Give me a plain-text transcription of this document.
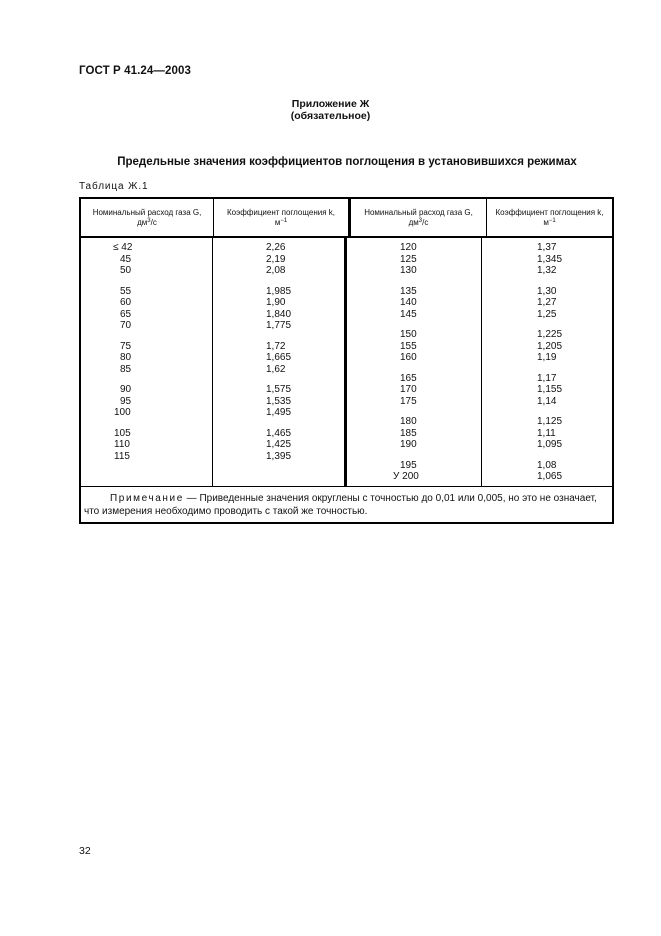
ГОСТ Р 41.24—2003
Приложение Ж
(обязательное)
Предельные значения коэффициентов поглощения в установившихся режимах
Таблица Ж.1
Номинальный расход газа G,
$дм^3/с$
Коэффициент поглощения k,
$м^{-1}$
Номинальный расход газа G,
$дм^3/с$
Коэффициент поглощения k,
$м^{-1}$
≤ 42
45
50
55
60
65
70
75
80
85
90
95
100
105
110
115
2,26
2,19
2,08
1,985
1,90
1,840
1,775
1,72
1,665
1,62
1,575
1,535
1,495
1,465
1,425
1,395
120
125
130
135
140
145
150
155
160
165
170
175
180
185
190
195
У 200
1,37
1,345
1,32
1,30
1,27
1,25
1,225
1,205
1,19
1,17
1,155
1,14
1,125
1,11
1,095
1,08
1,065
Примечание — Приведенные значения округлены с точностью до 0,01 или 0,005, но это не означает, что измерения необходимо проводить с такой же точностью.
32
